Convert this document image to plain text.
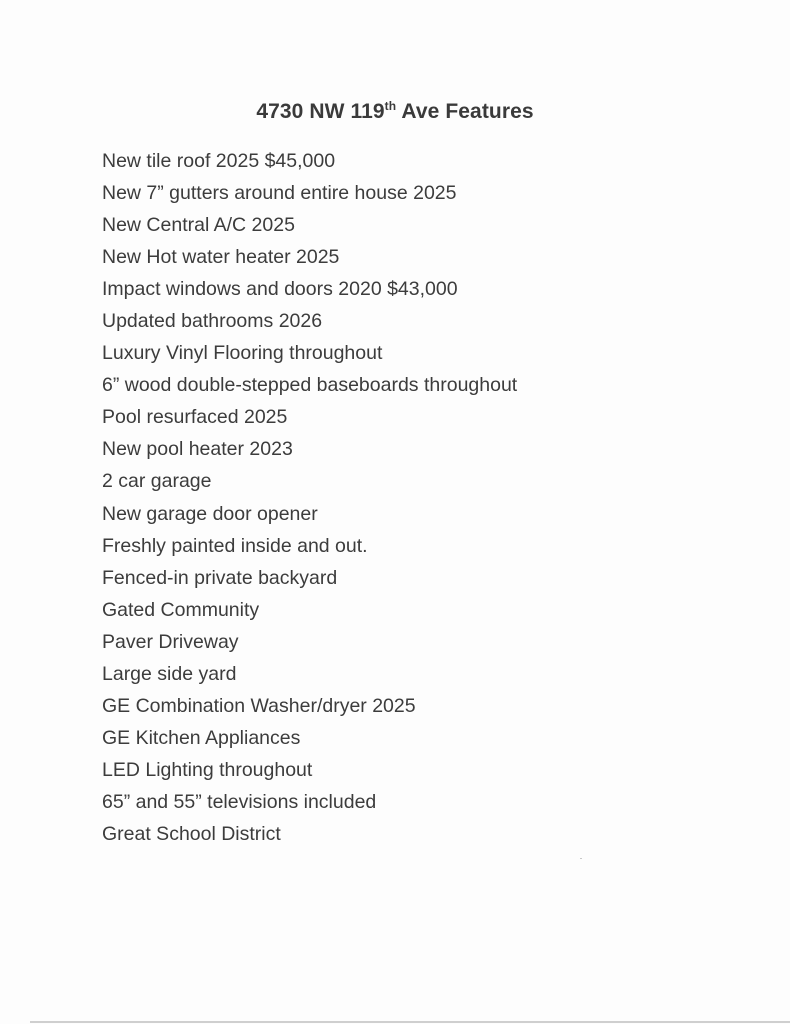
4730 NW 119th Ave Features
New tile roof 2025 $45,000
New 7” gutters around entire house 2025
New Central A/C 2025
New Hot water heater 2025
Impact windows and doors 2020 $43,000
Updated bathrooms 2026
Luxury Vinyl Flooring throughout
6” wood double-stepped baseboards throughout
Pool resurfaced 2025
New pool heater 2023
2 car garage
New garage door opener
Freshly painted inside and out.
Fenced-in private backyard
Gated Community
Paver Driveway
Large side yard
GE Combination Washer/dryer 2025
GE Kitchen Appliances
LED Lighting throughout
65” and 55” televisions included
Great School District
